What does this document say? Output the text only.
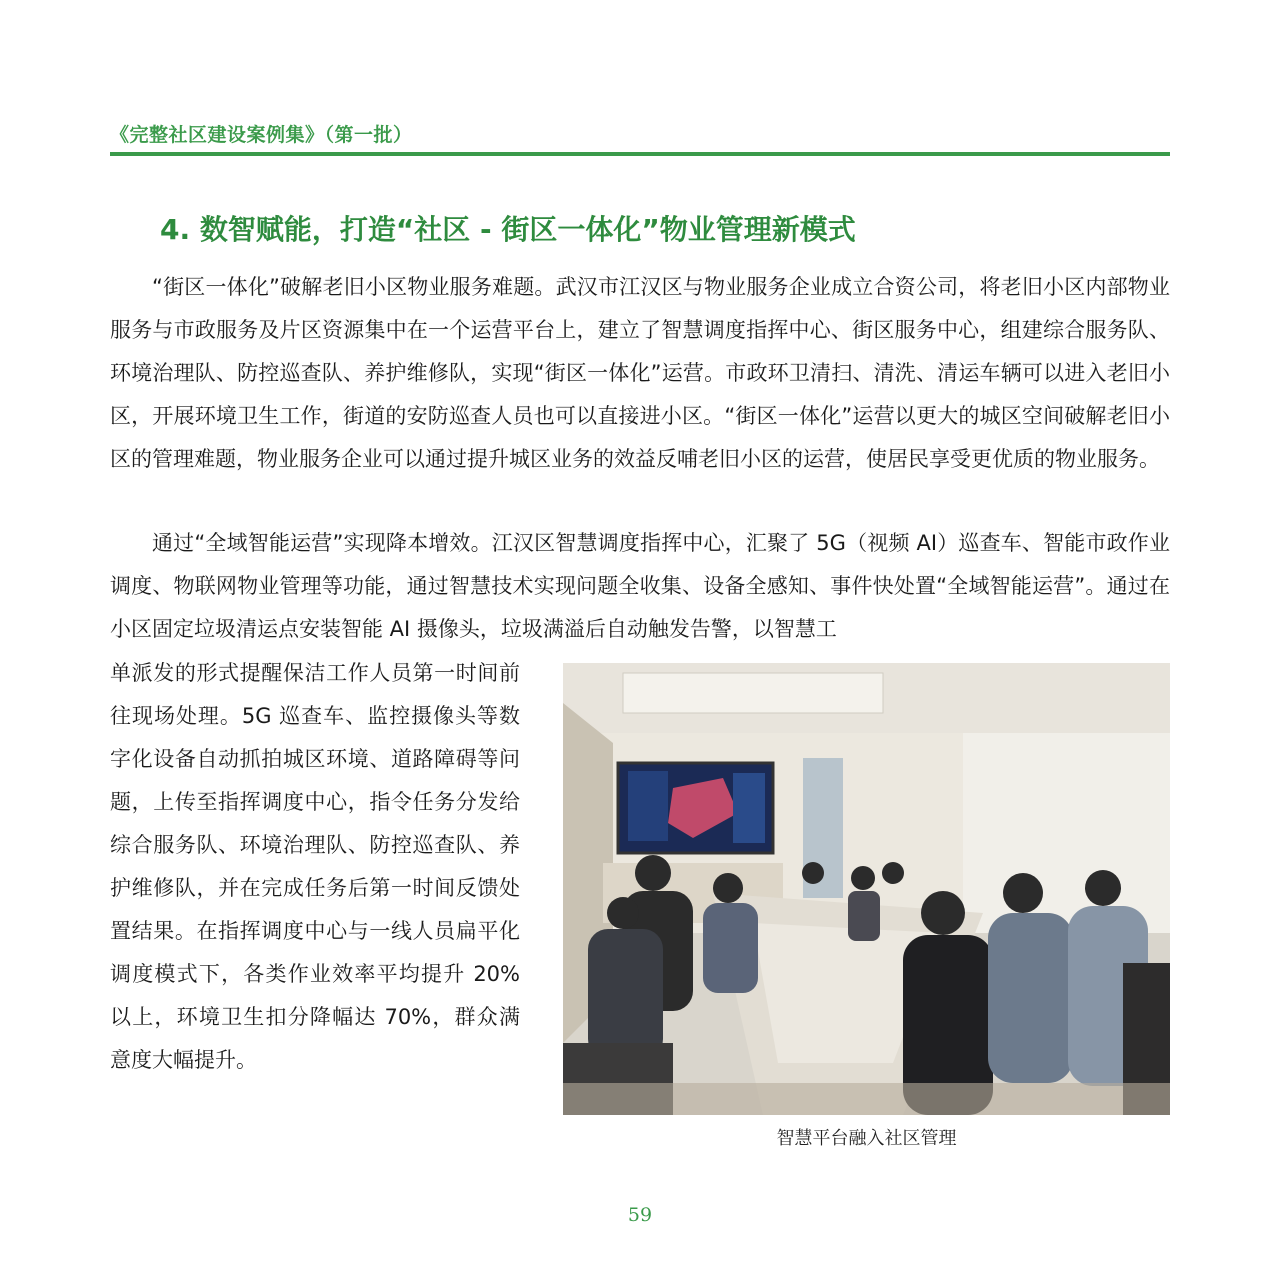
《完整社区建设案例集》（第一批）
4. 数智赋能，打造“社区 - 街区一体化”物业管理新模式

“街区一体化”破解老旧小区物业服务难题。武汉市江汉区与物业服务企业成立合资公司，将老旧小区内部物业服务与市政服务及片区资源集中在一个运营平台上，建立了智慧调度指挥中心、街区服务中心，组建综合服务队、环境治理队、防控巡查队、养护维修队，实现“街区一体化”运营。市政环卫清扫、清洗、清运车辆可以进入老旧小区，开展环境卫生工作，街道的安防巡查人员也可以直接进小区。“街区一体化”运营以更大的城区空间破解老旧小区的管理难题，物业服务企业可以通过提升城区业务的效益反哺老旧小区的运营，使居民享受更优质的物业服务。

通过“全域智能运营”实现降本增效。江汉区智慧调度指挥中心，汇聚了 5G（视频 AI）巡查车、智能市政作业调度、物联网物业管理等功能，通过智慧技术实现问题全收集、设备全感知、事件快处置“全域智能运营”。通过在小区固定垃圾清运点安装智能 AI 摄像头，垃圾满溢后自动触发告警，以智慧工

单派发的形式提醒保洁工作人员第一时间前往现场处理。5G 巡查车、监控摄像头等数字化设备自动抓拍城区环境、道路障碍等问题，上传至指挥调度中心，指令任务分发给综合服务队、环境治理队、防控巡查队、养护维修队，并在完成任务后第一时间反馈处置结果。在指挥调度中心与一线人员扁平化调度模式下，各类作业效率平均提升 20% 以上，环境卫生扣分降幅达 70%，群众满意度大幅提升。
智慧平台融入社区管理
59
